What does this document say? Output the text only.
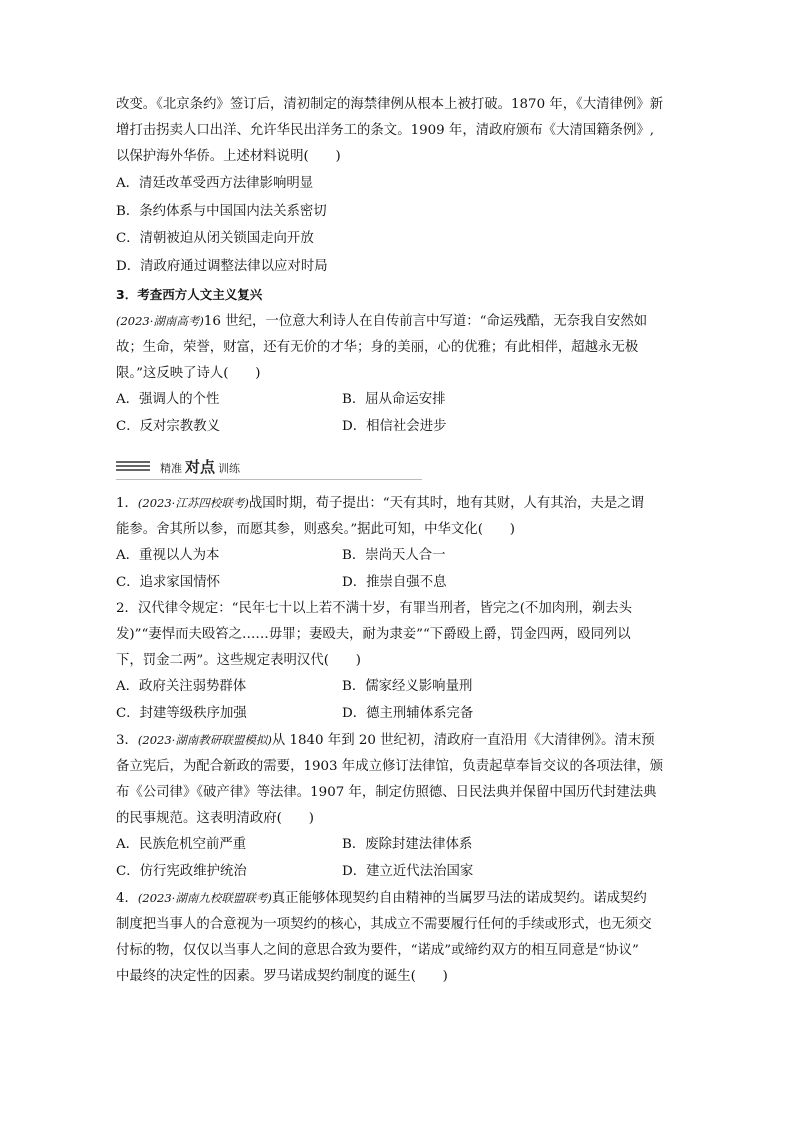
改变。《北京条约》签订后，清初制定的海禁律例从根本上被打破。1870 年，《大清律例》新

增打击拐卖人口出洋、允许华民出洋务工的条文。1909 年，清政府颁布《大清国籍条例》,

以保护海外华侨。上述材料说明(　　)

A．清廷改革受西方法律影响明显

B．条约体系与中国国内法关系密切

C．清朝被迫从闭关锁国走向开放

D．清政府通过调整法律以应对时局

3．考查西方人文主义复兴

(2023·湖南高考)16 世纪，一位意大利诗人在自传前言中写道：“命运残酷，无奈我自安然如

故；生命，荣誉，财富，还有无价的才华；身的美丽，心的优雅；有此相伴，超越永无极

限。”这反映了诗人(　　)

A．强调人的个性	B．屈从命运安排
C．反对宗教教义	D．相信社会进步
精准 对点 训练

1．(2023·江苏四校联考)战国时期，荀子提出：“天有其时，地有其财，人有其治，夫是之谓

能参。舍其所以参，而愿其参，则惑矣。”据此可知，中华文化(　　)

A．重视以人为本	B．崇尚天人合一
C．追求家国情怀	D．推崇自强不息

2．汉代律令规定：“民年七十以上若不满十岁，有罪当刑者，皆完之(不加肉刑，剃去头

发)”“妻悍而夫殴笞之……毋罪；妻殴夫，耐为隶妾”“下爵殴上爵，罚金四两，殴同列以

下，罚金二两”。这些规定表明汉代(　　)

A．政府关注弱势群体	B．儒家经义影响量刑
C．封建等级秩序加强	D．德主刑辅体系完备

3．(2023·湖南教研联盟模拟)从 1840 年到 20 世纪初，清政府一直沿用《大清律例》。清末预

备立宪后，为配合新政的需要，1903 年成立修订法律馆，负责起草奉旨交议的各项法律，颁

布《公司律》《破产律》等法律。1907 年，制定仿照德、日民法典并保留中国历代封建法典

的民事规范。这表明清政府(　　)

A．民族危机空前严重	B．废除封建法律体系
C．仿行宪政维护统治	D．建立近代法治国家

4．(2023·湖南九校联盟联考)真正能够体现契约自由精神的当属罗马法的诺成契约。诺成契约

制度把当事人的合意视为一项契约的核心，其成立不需要履行任何的手续或形式，也无须交

付标的物，仅仅以当事人之间的意思合致为要件，“诺成”或缔约双方的相互同意是“协议”

中最终的决定性的因素。罗马诺成契约制度的诞生(　　)
